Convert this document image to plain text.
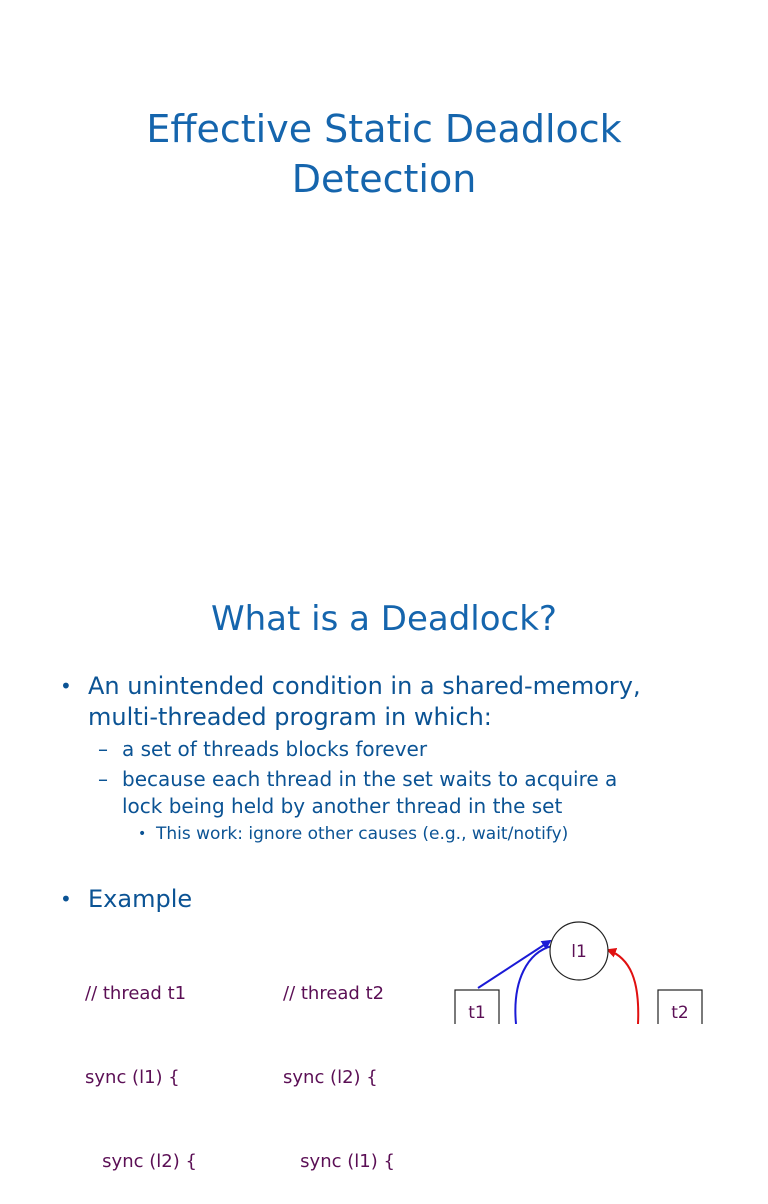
Effective Static Deadlock
Detection
What is a Deadlock?
• An unintended condition in a shared-memory,
multi-threaded program in which:
– a set of threads blocks forever
– because each thread in the set waits to acquire a
lock being held by another thread in the set
• This work: ignore other causes (e.g., wait/notify)
• Example

// thread t1

sync (l1) {

sync (l2) {

// thread t2

sync (l2) {

sync (l1) {

l1
t1	t2
